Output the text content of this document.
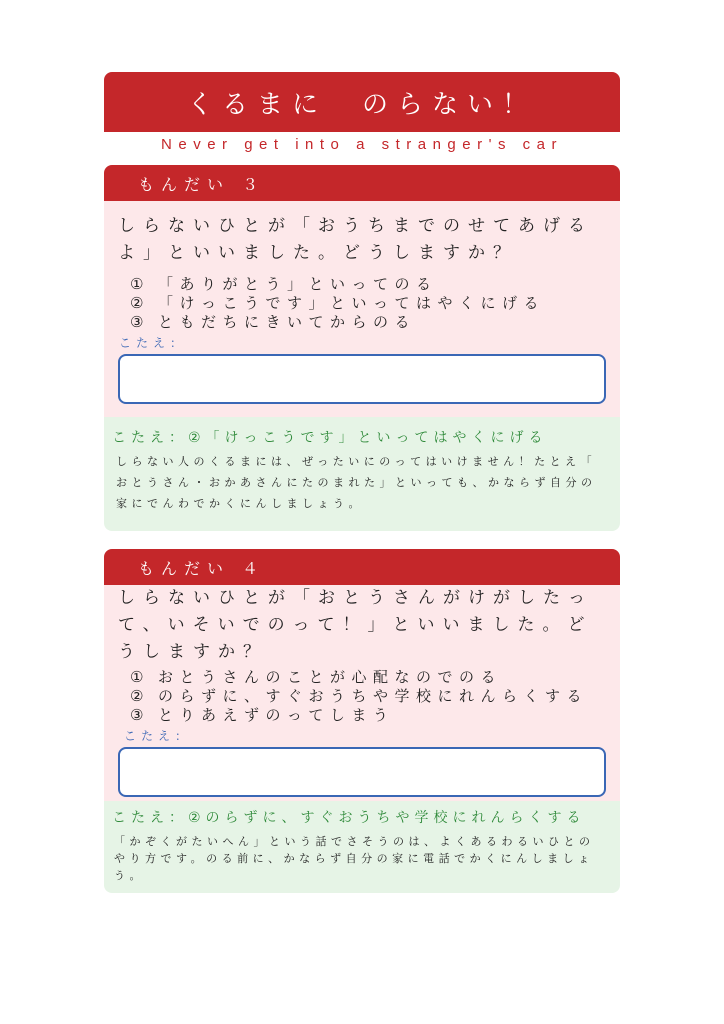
くるまに　のらない！
Never get into a stranger's car
もんだい ３
しらないひとが「おうちまでのせてあげるよ」といいました。どうしますか？
① 「ありがとう」といってのる
② 「けっこうです」といってはやくにげる
③ ともだちにきいてからのる
こたえ：
こたえ：②「けっこうです」といってはやくにげる
しらない人のくるまには、ぜったいにのってはいけません！たとえ「 おとうさん・おかあさんにたのまれた」といっても、かならず自分の家にでんわでかくにんしましょう。
もんだい ４
しらないひとが「おとうさんがけがしたって、いそいでのって！」といいました。どうしますか？
① おとうさんのことが心配なのでのる
② のらずに、すぐおうちや学校にれんらくする
③ とりあえずのってしまう
こたえ：
こたえ：②のらずに、すぐおうちや学校にれんらくする
「かぞくがたいへん」という話でさそうのは、よくあるわるいひとのやり方です。のる前に、かならず自分の家に電話でかくにんしましょう。
